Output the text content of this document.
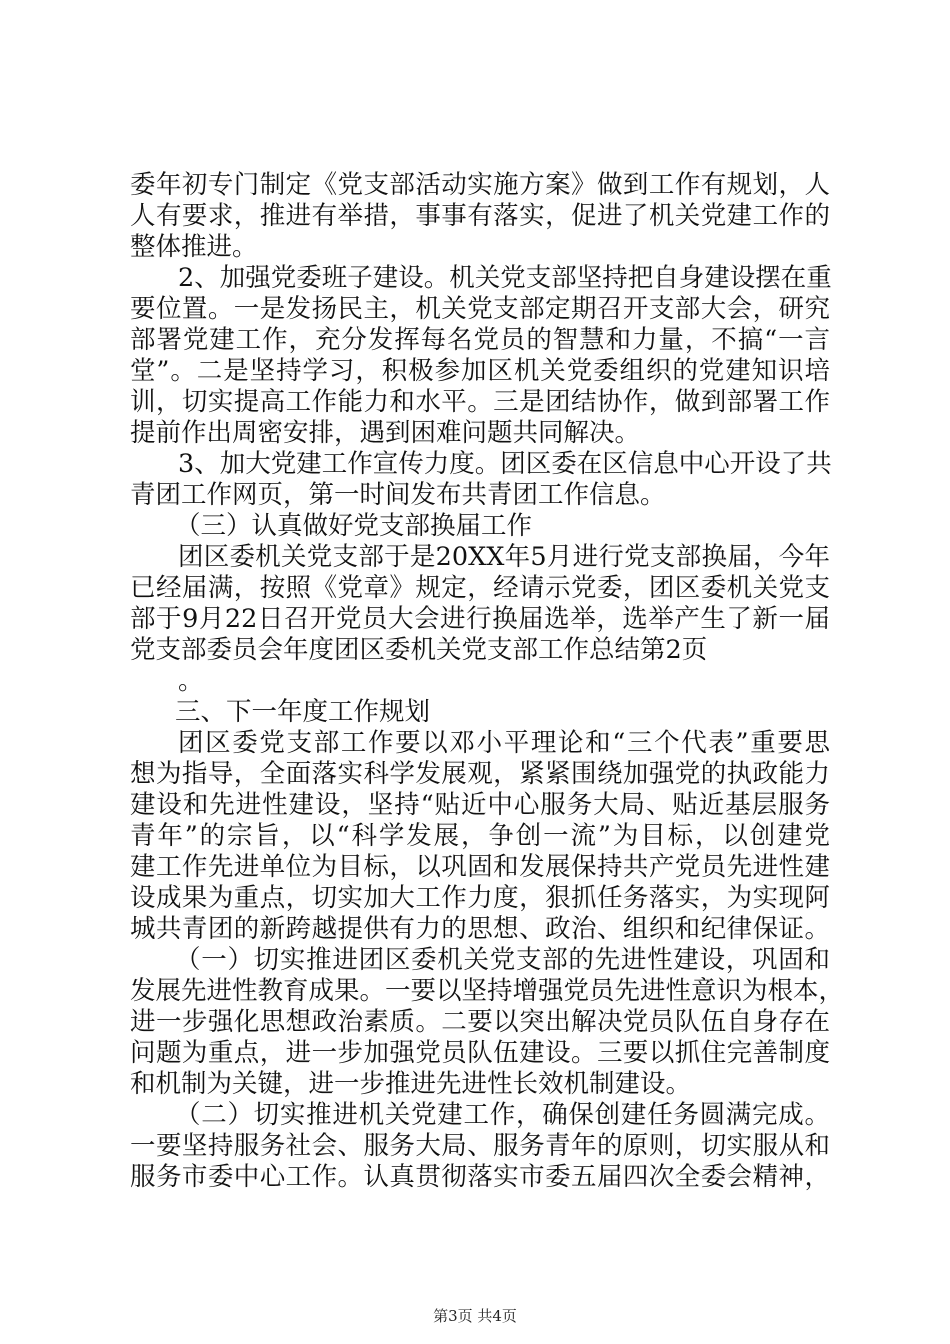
委年初专门制定《党支部活动实施方案》做到工作有规划，人
人有要求，推进有举措，事事有落实，促进了机关党建工作的
整体推进。
2、加强党委班子建设。机关党支部坚持把自身建设摆在重
要位置。一是发扬民主，机关党支部定期召开支部大会，研究
部署党建工作，充分发挥每名党员的智慧和力量，不搞“一言
堂”。二是坚持学习，积极参加区机关党委组织的党建知识培
训，切实提高工作能力和水平。三是团结协作，做到部署工作
提前作出周密安排，遇到困难问题共同解决。
3、加大党建工作宣传力度。团区委在区信息中心开设了共
青团工作网页，第一时间发布共青团工作信息。
（三）认真做好党支部换届工作
团区委机关党支部于是20XX年5月进行党支部换届，今年
已经届满，按照《党章》规定，经请示党委，团区委机关党支
部于9月22日召开党员大会进行换届选举，选举产生了新一届
党支部委员会年度团区委机关党支部工作总结第2页
。
三、下一年度工作规划
团区委党支部工作要以邓小平理论和“三个代表”重要思
想为指导，全面落实科学发展观，紧紧围绕加强党的执政能力
建设和先进性建设，坚持“贴近中心服务大局、贴近基层服务
青年”的宗旨，以“科学发展，争创一流”为目标，以创建党
建工作先进单位为目标，以巩固和发展保持共产党员先进性建
设成果为重点，切实加大工作力度，狠抓任务落实，为实现阿
城共青团的新跨越提供有力的思想、政治、组织和纪律保证。
（一）切实推进团区委机关党支部的先进性建设，巩固和
发展先进性教育成果。一要以坚持增强党员先进性意识为根本，
进一步强化思想政治素质。二要以突出解决党员队伍自身存在
问题为重点，进一步加强党员队伍建设。三要以抓住完善制度
和机制为关键，进一步推进先进性长效机制建设。
（二）切实推进机关党建工作，确保创建任务圆满完成。
一要坚持服务社会、服务大局、服务青年的原则，切实服从和
服务市委中心工作。认真贯彻落实市委五届四次全委会精神，
第3页 共4页
